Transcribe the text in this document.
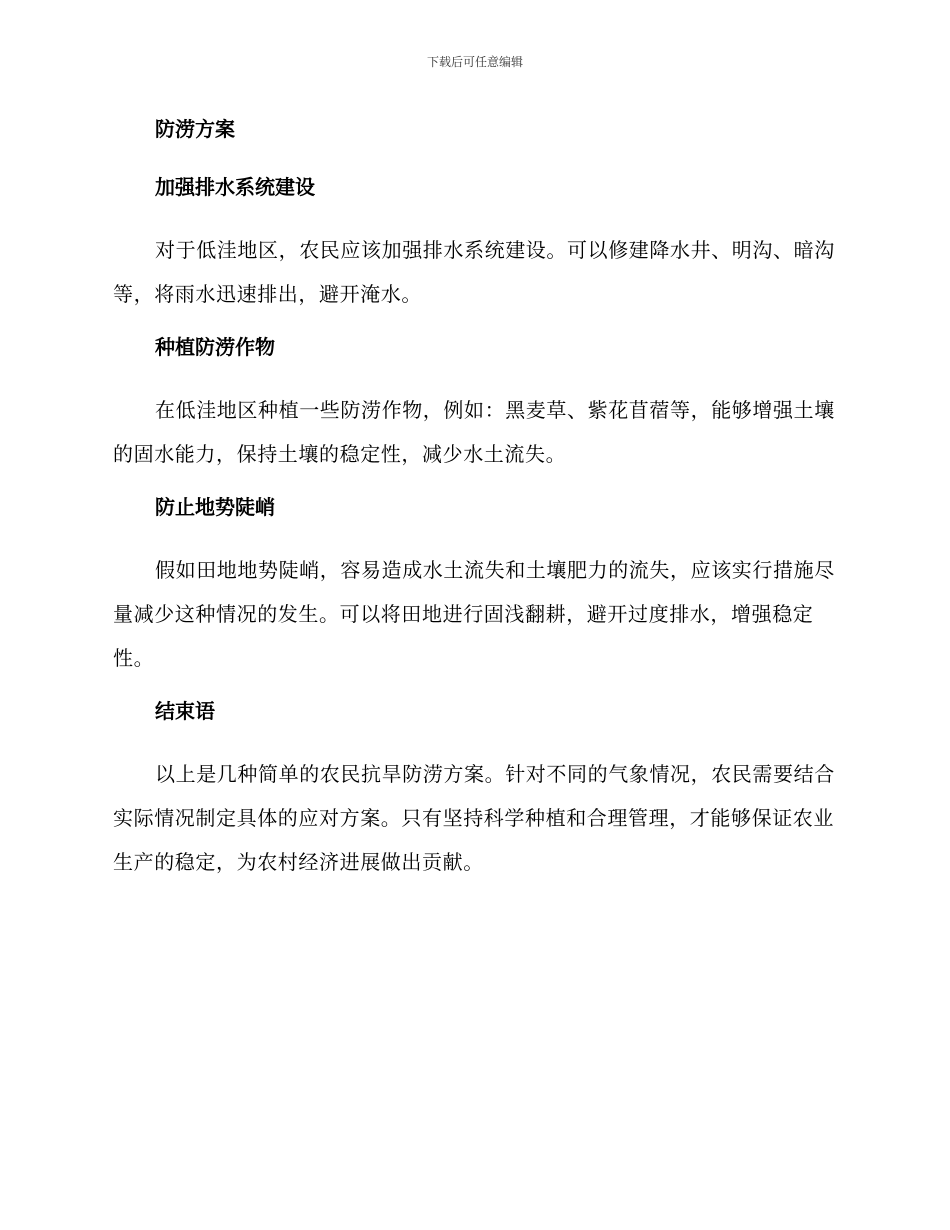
下载后可任意编辑
防涝方案
加强排水系统建设
对于低洼地区，农民应该加强排水系统建设。可以修建降水井、明沟、暗沟等，将雨水迅速排出，避开淹水。
种植防涝作物
在低洼地区种植一些防涝作物，例如：黑麦草、紫花苜蓿等，能够增强土壤的固水能力，保持土壤的稳定性，减少水土流失。
防止地势陡峭
假如田地地势陡峭，容易造成水土流失和土壤肥力的流失，应该实行措施尽量减少这种情况的发生。可以将田地进行固浅翻耕，避开过度排水，增强稳定性。
结束语
以上是几种简单的农民抗旱防涝方案。针对不同的气象情况，农民需要结合实际情况制定具体的应对方案。只有坚持科学种植和合理管理，才能够保证农业生产的稳定，为农村经济进展做出贡献。
